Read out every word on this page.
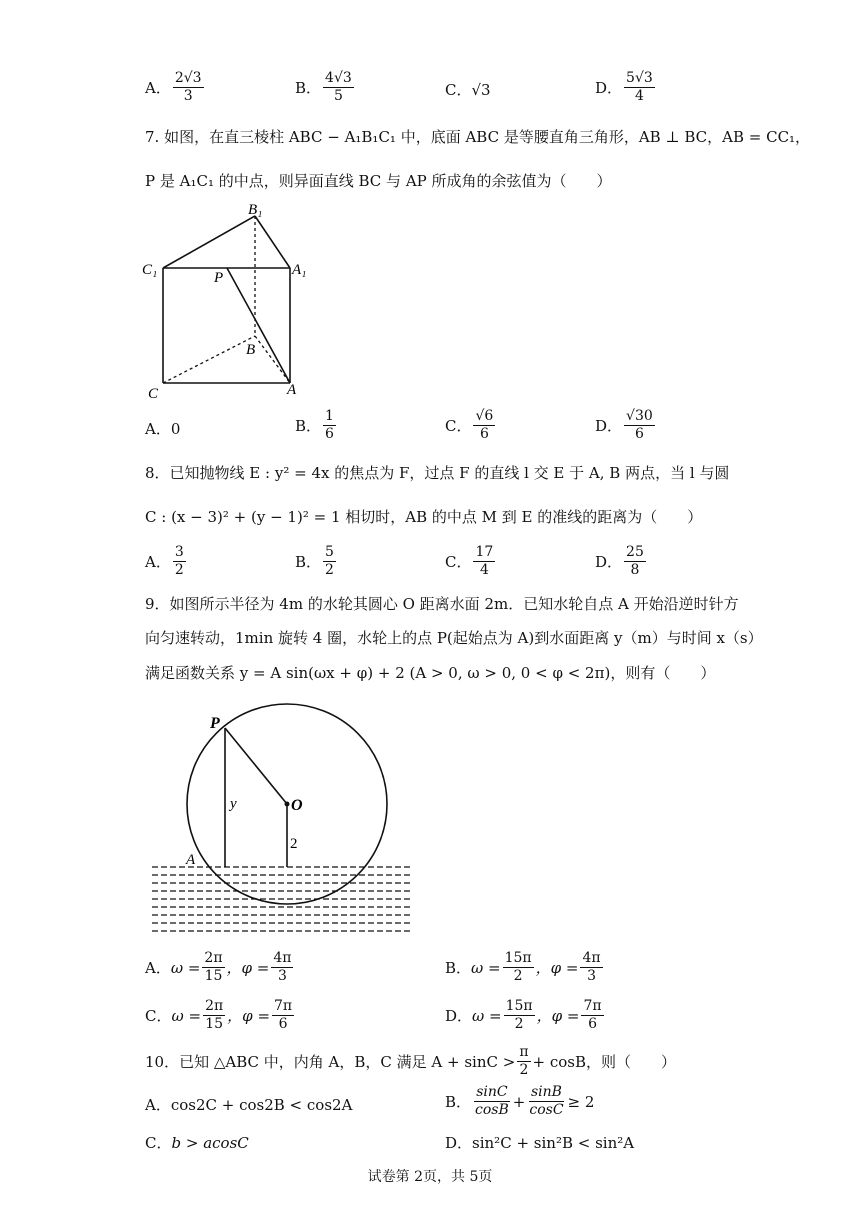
A． $\frac{2√3}{3}$	B． $\frac{4√3}{5}$	C． √3	D． $\frac{5√3}{4}$
7. 如图，在直三棱柱 ABC − A₁B₁C₁ 中，底面 ABC 是等腰直角三角形，AB ⊥ BC，AB = CC₁，
P 是 A₁C₁ 的中点，则异面直线 BC 与 AP 所成角的余弦值为（　　）
B₁
C₁	A₁
P
B
C	A
A． 0	B． $\frac{1}{6}$	C． $\frac{√6}{6}$	D． $\frac{√30}{6}$
8．已知抛物线 E : y² = 4x 的焦点为 F，过点 F 的直线 l 交 E 于 A, B 两点，当 l 与圆
C : (x − 3)² + (y − 1)² = 1 相切时，AB 的中点 M 到 E 的准线的距离为（　　）
A． $\frac{3}{2}$	B． $\frac{5}{2}$	C． $\frac{17}{4}$	D． $\frac{25}{8}$
9．如图所示半径为 4m 的水轮其圆心 O 距离水面 2m．已知水轮自点 A 开始沿逆时针方
向匀速转动，1min 旋转 4 圈，水轮上的点 P(起始点为 A)到水面距离 y（m）与时间 x（s）
满足函数关系 y = A sin(ωx + φ) + 2 (A > 0, ω > 0, 0 < φ < 2π)，则有（　　）
P
O
y
2
A
A． $\omega = \frac{2\pi}{15}$ ，$\varphi = \frac{4\pi}{3}$	B． $\omega = \frac{15\pi}{2}$ ，$\varphi = \frac{4\pi}{3}$
C． $\omega = \frac{2\pi}{15}$ ，$\varphi = \frac{7\pi}{6}$	D． $\omega = \frac{15\pi}{2}$ ，$\varphi = \frac{7\pi}{6}$
10．已知 △ABC 中，内角 A，B，C 满足 $A + \sin C > \frac{\pi}{2} + \cos B$，则（　　）
A． cos2C + cos2B < cos2A	B． $\frac{\sin C}{\cos B} + \frac{\sin B}{\cos C} \ge 2$
C． b > acosC	D． sin²C + sin²B < sin²A
试卷第 2页，共 5页
